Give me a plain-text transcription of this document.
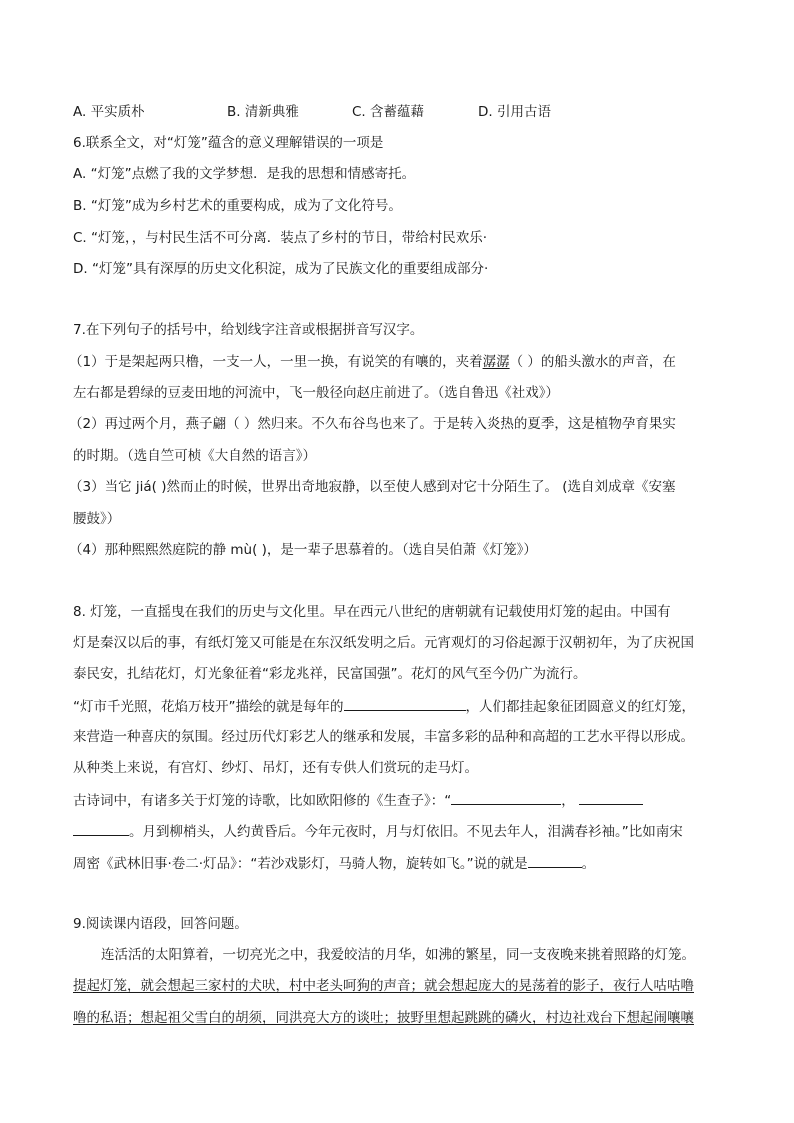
A. 平实质朴	B. 清新典雅	C. 含蓄蕴藉	D. 引用古语
6.联系全文，对“灯笼”蕴含的意义理解错误的一项是
A. “灯笼”点燃了我的文学梦想．是我的思想和情感寄托。
B. “灯笼”成为乡村艺术的重要构成，成为了文化符号。
C. “灯笼，，与村民生活不可分离．装点了乡村的节日，带给村民欢乐·
D. “灯笼”具有深厚的历史文化积淀，成为了民族文化的重要组成部分·
7.在下列句子的括号中，给划线字注音或根据拼音写汉字。
（1）于是架起两只橹，一支一人，一里一换，有说笑的有嚷的，夹着潺潺（ ）的船头激水的声音，在
左右都是碧绿的豆麦田地的河流中，飞一般径向赵庄前进了。（选自鲁迅《社戏》）
（2）再过两个月，燕子翩（ ）然归来。不久布谷鸟也来了。于是转入炎热的夏季，这是植物孕育果实
的时期。（选自竺可桢《大自然的语言》）
（3）当它 jiá( )然而止的时候，世界出奇地寂静，以至使人感到对它十分陌生了。 (选自刘成章《安塞
腰鼓》）
（4）那种熙熙然庭院的静 mù( )，是一辈子思慕着的。（选自吴伯萧《灯笼》）
8. 灯笼，一直摇曳在我们的历史与文化里。早在西元八世纪的唐朝就有记载使用灯笼的起由。中国有
灯是秦汉以后的事，有纸灯笼又可能是在东汉纸发明之后。元宵观灯的习俗起源于汉朝初年，为了庆祝国
泰民安，扎结花灯，灯光象征着“彩龙兆祥，民富国强”。花灯的风气至今仍广为流行。
“灯市千光照，花焰万枝开”描绘的就是每年的	，人们都挂起象征团圆意义的红灯笼，
来营造一种喜庆的氛围。经过历代灯彩艺人的继承和发展，丰富多彩的品种和高超的工艺水平得以形成。
从种类上来说，有宫灯、纱灯、吊灯，还有专供人们赏玩的走马灯。
古诗词中，有诸多关于灯笼的诗歌，比如欧阳修的《生查子》：“	，
。月到柳梢头，人约黄昏后。今年元夜时，月与灯依旧。不见去年人，泪满春衫袖。”比如南宋
周密《武林旧事·卷二·灯品》：“若沙戏影灯，马骑人物，旋转如飞。”说的就是	。
9.阅读课内语段，回答问题。
连活活的太阳算着，一切亮光之中，我爱皎洁的月华，如沸的繁星，同一支夜晚来挑着照路的灯笼。
提起灯笼，就会想起三家村的犬吠，村中老头呵狗的声音；就会想起庞大的晃荡着的影子，夜行人咕咕噜
噜的私语；想起祖父雪白的胡须，同洪亮大方的谈吐；披野里想起跳跳的磷火，村边社戏台下想起闹嚷嚷
